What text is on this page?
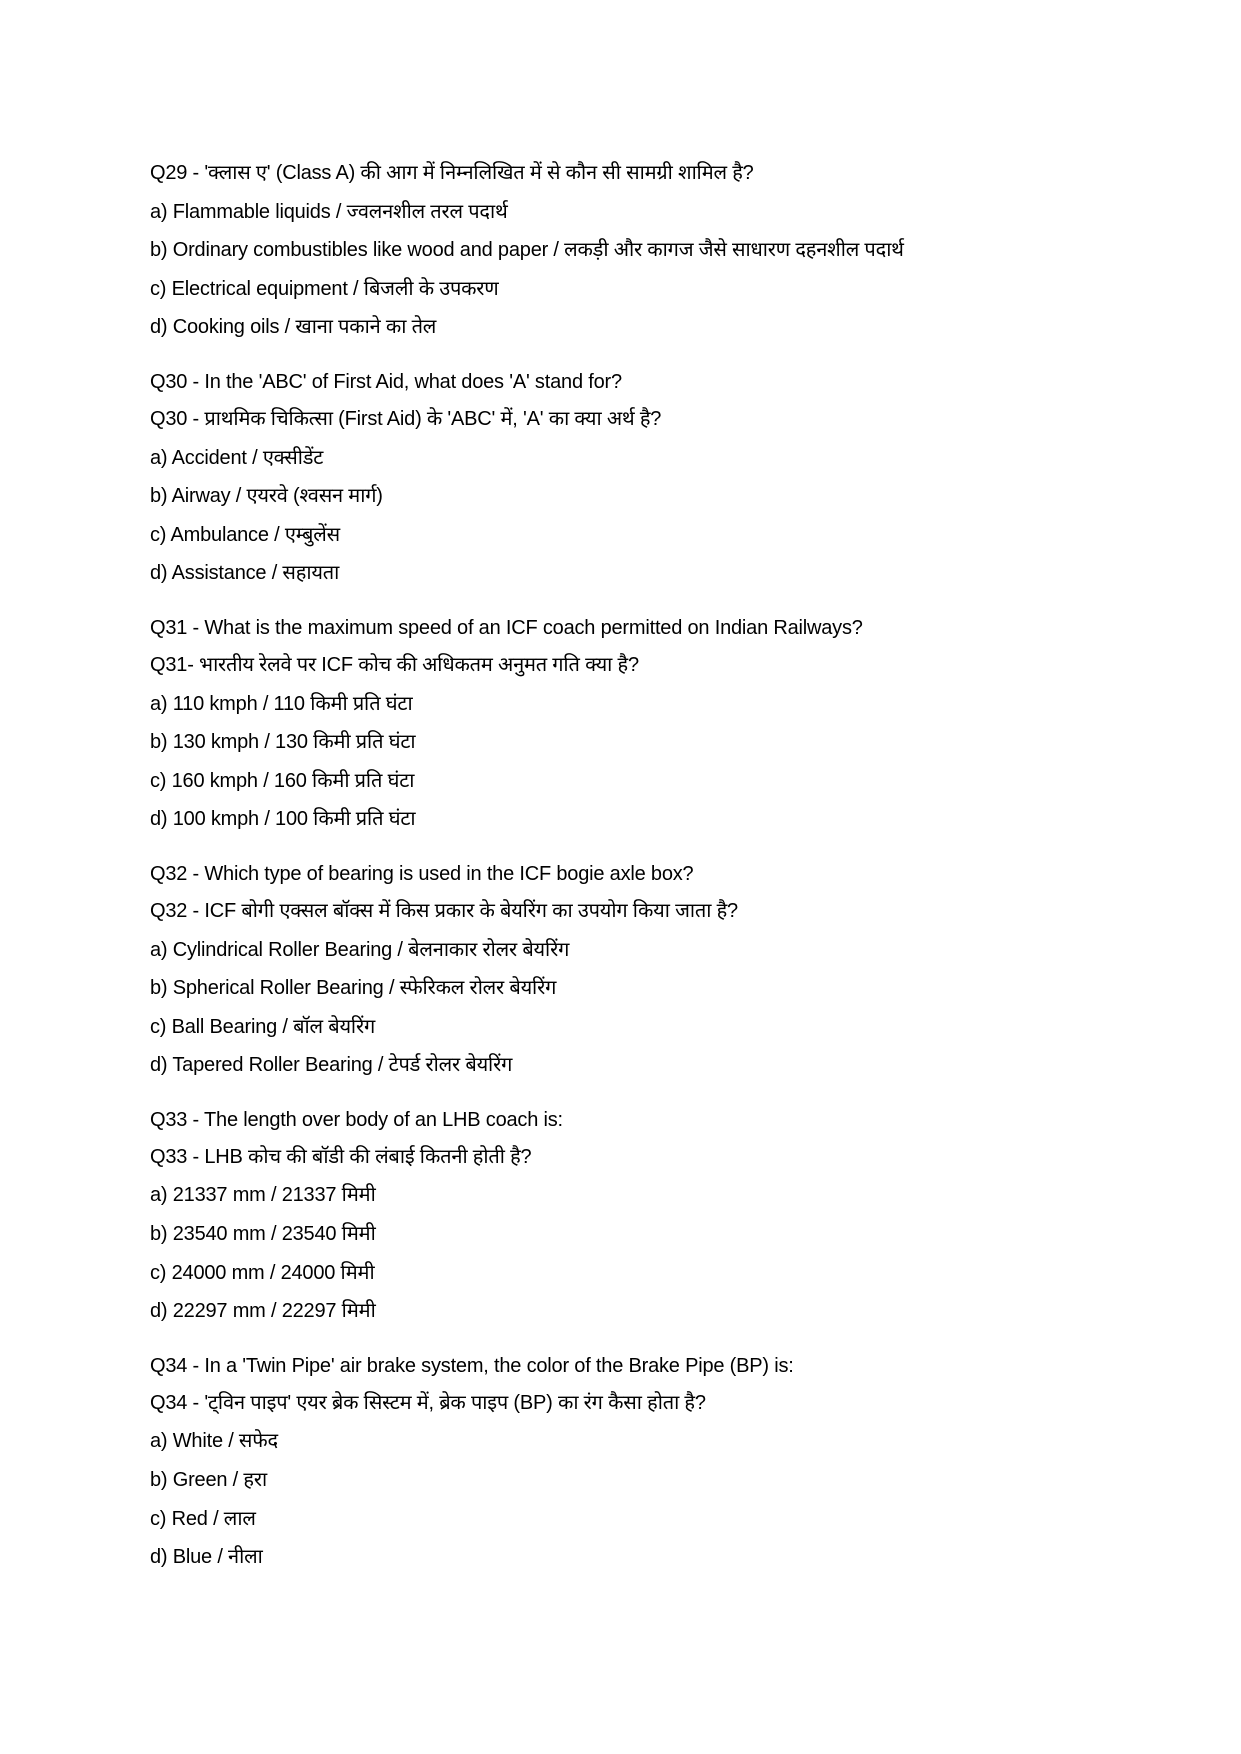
Q29 - 'क्लास ए' (Class A) की आग में निम्नलिखित में से कौन सी सामग्री शामिल है?
a) Flammable liquids / ज्वलनशील तरल पदार्थ
b) Ordinary combustibles like wood and paper / लकड़ी और कागज जैसे साधारण दहनशील पदार्थ
c) Electrical equipment / बिजली के उपकरण
d) Cooking oils / खाना पकाने का तेल
Q30 - In the 'ABC' of First Aid, what does 'A' stand for?
Q30 - प्राथमिक चिकित्सा (First Aid) के 'ABC' में, 'A' का क्या अर्थ है?
a) Accident / एक्सीडेंट
b) Airway / एयरवे (श्वसन मार्ग)
c) Ambulance / एम्बुलेंस
d) Assistance / सहायता
Q31 - What is the maximum speed of an ICF coach permitted on Indian Railways?
Q31- भारतीय रेलवे पर ICF कोच की अधिकतम अनुमत गति क्या है?
a) 110 kmph / 110 किमी प्रति घंटा
b) 130 kmph / 130 किमी प्रति घंटा
c) 160 kmph / 160 किमी प्रति घंटा
d) 100 kmph / 100 किमी प्रति घंटा
Q32 - Which type of bearing is used in the ICF bogie axle box?
Q32 - ICF बोगी एक्सल बॉक्स में किस प्रकार के बेयरिंग का उपयोग किया जाता है?
a) Cylindrical Roller Bearing / बेलनाकार रोलर बेयरिंग
b) Spherical Roller Bearing / स्फेरिकल रोलर बेयरिंग
c) Ball Bearing / बॉल बेयरिंग
d) Tapered Roller Bearing / टेपर्ड रोलर बेयरिंग
Q33 - The length over body of an LHB coach is:
Q33 - LHB कोच की बॉडी की लंबाई कितनी होती है?
a) 21337 mm / 21337 मिमी
b) 23540 mm / 23540 मिमी
c) 24000 mm / 24000 मिमी
d) 22297 mm / 22297 मिमी
Q34 - In a 'Twin Pipe' air brake system, the color of the Brake Pipe (BP) is:
Q34 - 'ट्विन पाइप' एयर ब्रेक सिस्टम में, ब्रेक पाइप (BP) का रंग कैसा होता है?
a) White / सफेद
b) Green / हरा
c) Red / लाल
d) Blue / नीला
